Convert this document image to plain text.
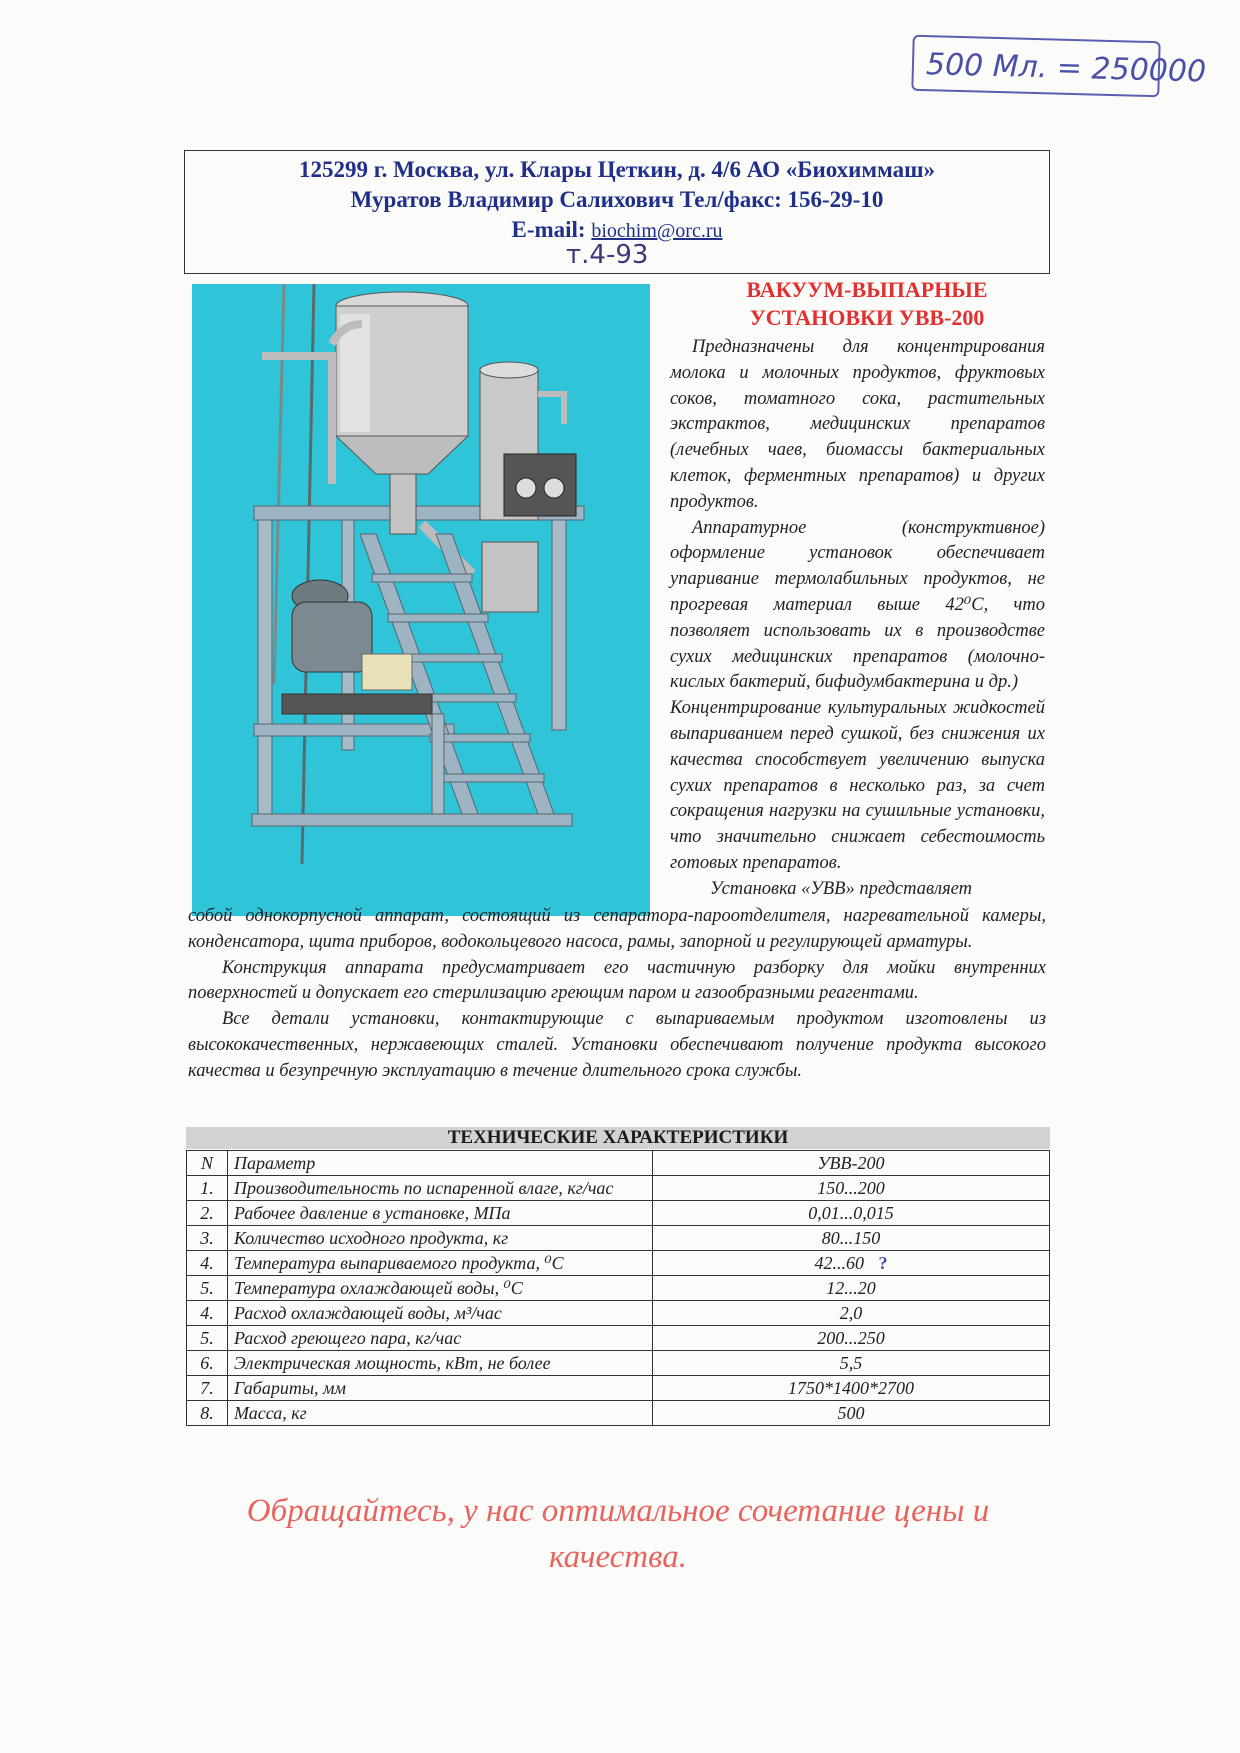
500 Мл. = 250000
125299 г. Москва, ул. Клары Цеткин, д. 4/6 АО «Биохиммаш»
Муратов Владимир Салихович Тел/факс: 156-29-10
E-mail: biochim@orc.ru
т.4-93
ВАКУУМ-ВЫПАРНЫЕ УСТАНОВКИ УВВ-200

Предназначены для концентрирования молока и молочных продуктов, фруктовых соков, томатного сока, растительных экстрактов, медицинских препаратов (лечебных чаев, биомассы бактериальных клеток, ферментных препаратов) и других продуктов.

Аппаратурное (конструктивное) оформление установок обеспечивает упаривание термолабильных продуктов, не прогревая материал выше 42⁰С, что позволяет использовать их в производстве сухих медицинских препаратов (молочно-кислых бактерий, бифидумбактерина и др.)

Концентрирование культуральных жидкостей выпариванием перед сушкой, без снижения их качества способствует увеличению выпуска сухих препаратов в несколько раз, за счет сокращения нагрузки на сушильные установки, что значительно снижает себестоимость готовых препаратов.

Установка «УВВ» представляет

собой однокорпусной аппарат, состоящий из сепаратора-пароотделителя, нагревательной камеры, конденсатора, щита приборов, водокольцевого насоса, рамы, запорной и регулирующей арматуры.

Конструкция аппарата предусматривает его частичную разборку для мойки внутренних поверхностей и допускает его стерилизацию греющим паром и газообразными реагентами.

Все детали установки, контактирующие с выпариваемым продуктом изготовлены из высококачественных, нержавеющих сталей. Установки обеспечивают получение продукта высокого качества и безупречную эксплуатацию в течение длительного срока службы.

ТЕХНИЧЕСКИЕ ХАРАКТЕРИСТИКИ
N	Параметр	УВВ-200
1.	Производительность по испаренной влаге, кг/час	150...200
2.	Рабочее давление в установке, МПа	0,01...0,015
3.	Количество исходного продукта, кг	80...150
4.	Температура выпариваемого продукта, ⁰С	42...60 ?
5.	Температура охлаждающей воды, ⁰С	12...20
4.	Расход охлаждающей воды, м³/час	2,0
5.	Расход греющего пара, кг/час	200...250
6.	Электрическая мощность, кВт, не более	5,5
7.	Габариты, мм	1750*1400*2700
8.	Масса, кг	500
Обращайтесь, у нас оптимальное сочетание цены и качества.
